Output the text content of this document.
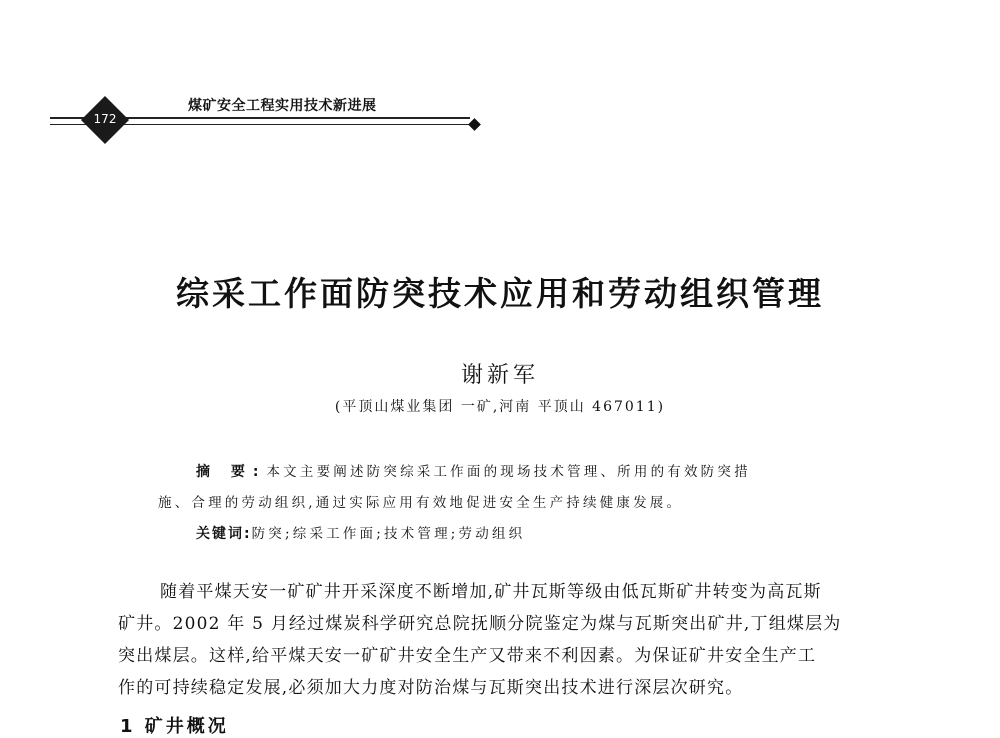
172
煤矿安全工程实用技术新进展
综采工作面防突技术应用和劳动组织管理
谢新军
(平顶山煤业集团 一矿,河南 平顶山 467011)
摘 要:本文主要阐述防突综采工作面的现场技术管理、所用的有效防突措
施、合理的劳动组织,通过实际应用有效地促进安全生产持续健康发展。
关键词:防突;综采工作面;技术管理;劳动组织
随着平煤天安一矿矿井开采深度不断增加,矿井瓦斯等级由低瓦斯矿井转变为高瓦斯
矿井。2002 年 5 月经过煤炭科学研究总院抚顺分院鉴定为煤与瓦斯突出矿井,丁组煤层为
突出煤层。这样,给平煤天安一矿矿井安全生产又带来不利因素。为保证矿井安全生产工
作的可持续稳定发展,必须加大力度对防治煤与瓦斯突出技术进行深层次研究。
1 矿井概况
